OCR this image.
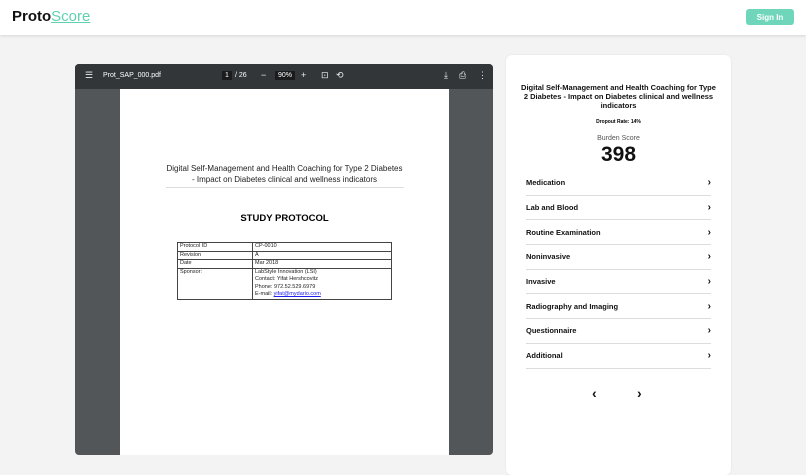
ProtoScore	Sign In
☰ Prot_SAP_000.pdf	1 / 26 −	90% + ⊡ ⟲	⤓ ⎙ ⋮
Digital Self-Management and Health Coaching for Type 2 Diabetes
- Impact on Diabetes clinical and wellness indicators
STUDY PROTOCOL
Protocol ID	CP-0010
Revision	A
Date	Mar 2018
Sponsor:	LabStyle Innovation (LSI)
Contact: Yifat Hershcovitz
Phone: 972.52.529.6979
E-mail: yifat@mydario.com
Digital Self-Management and Health Coaching for Type 2 Diabetes - Impact on Diabetes clinical and wellness indicators
Dropout Rate: 14%
Burden Score
398
Medication	›
Lab and Blood	›
Routine Examination	›
Noninvasive	›
Invasive	›
Radiography and Imaging	›
Questionnaire	›
Additional	›
‹	›
